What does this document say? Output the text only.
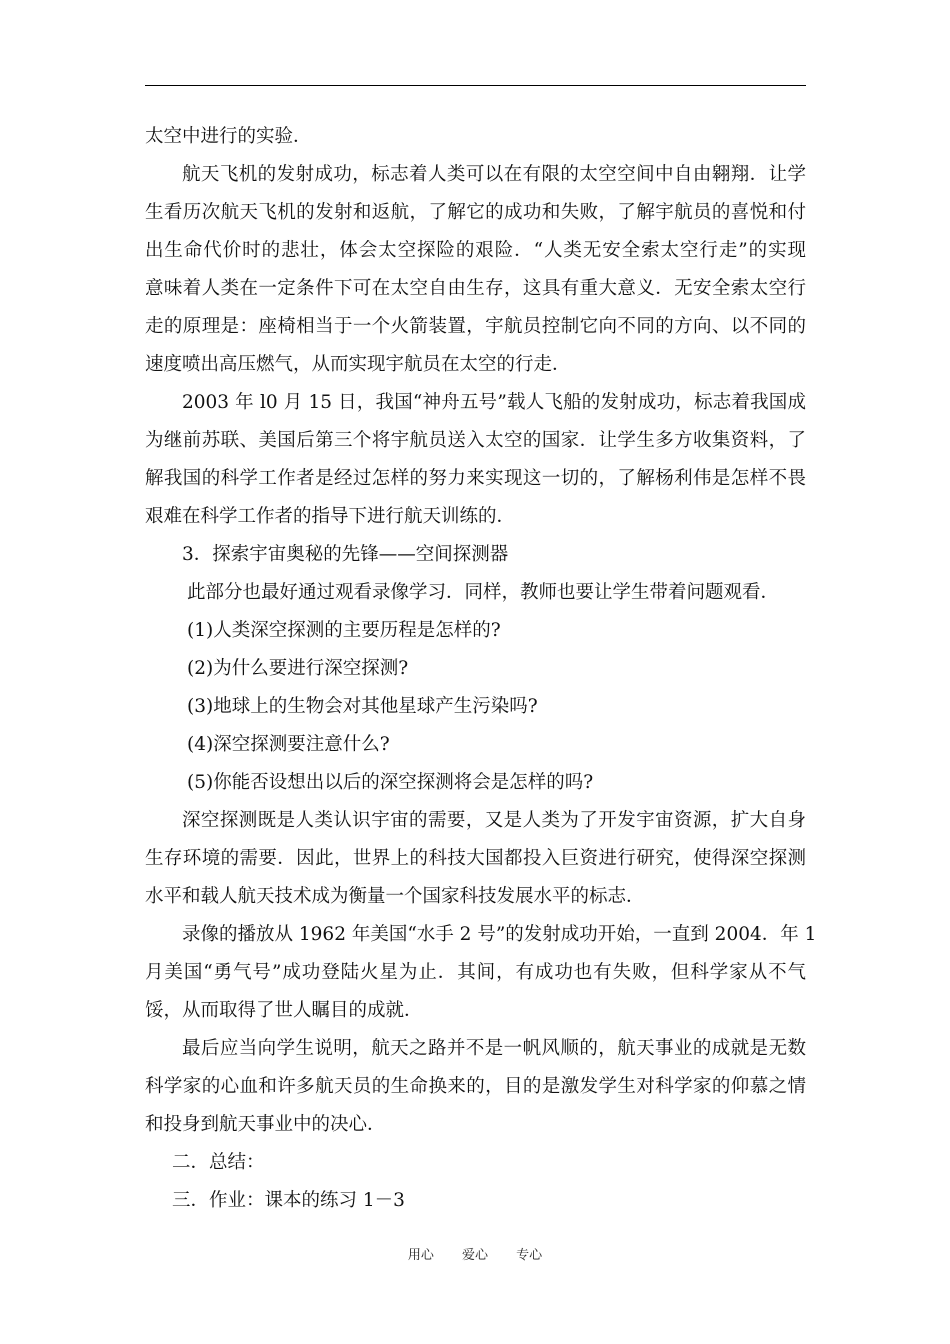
太空中进行的实验．
航天飞机的发射成功，标志着人类可以在有限的太空空间中自由翱翔．让学
生看历次航天飞机的发射和返航，了解它的成功和失败，了解宇航员的喜悦和付
出生命代价时的悲壮，体会太空探险的艰险．“人类无安全索太空行走”的实现
意味着人类在一定条件下可在太空自由生存，这具有重大意义．无安全索太空行
走的原理是：座椅相当于一个火箭装置，宇航员控制它向不同的方向、以不同的
速度喷出高压燃气，从而实现宇航员在太空的行走．
2003 年 l0 月 15 日，我国“神舟五号”载人飞船的发射成功，标志着我国成
为继前苏联、美国后第三个将宇航员送入太空的国家．让学生多方收集资料，了
解我国的科学工作者是经过怎样的努力来实现这一切的，了解杨利伟是怎样不畏
艰难在科学工作者的指导下进行航天训练的．
3．探索宇宙奥秘的先锋——空间探测器
此部分也最好通过观看录像学习．同样，教师也要让学生带着问题观看．
(1)人类深空探测的主要历程是怎样的?
(2)为什么要进行深空探测?
(3)地球上的生物会对其他星球产生污染吗?
(4)深空探测要注意什么?
(5)你能否设想出以后的深空探测将会是怎样的吗?
深空探测既是人类认识宇宙的需要，又是人类为了开发宇宙资源，扩大自身
生存环境的需要．因此，世界上的科技大国都投入巨资进行研究，使得深空探测
水平和载人航天技术成为衡量一个国家科技发展水平的标志．
录像的播放从 1962 年美国“水手 2 号”的发射成功开始，一直到 2004．年 1
月美国“勇气号”成功登陆火星为止．其间，有成功也有失败，但科学家从不气
馁，从而取得了世人瞩目的成就．
最后应当向学生说明，航天之路并不是一帆风顺的，航天事业的成就是无数
科学家的心血和许多航天员的生命换来的，目的是激发学生对科学家的仰慕之情
和投身到航天事业中的决心．
二．总结：
三．作业：课本的练习 1－3
用心 爱心 专心
